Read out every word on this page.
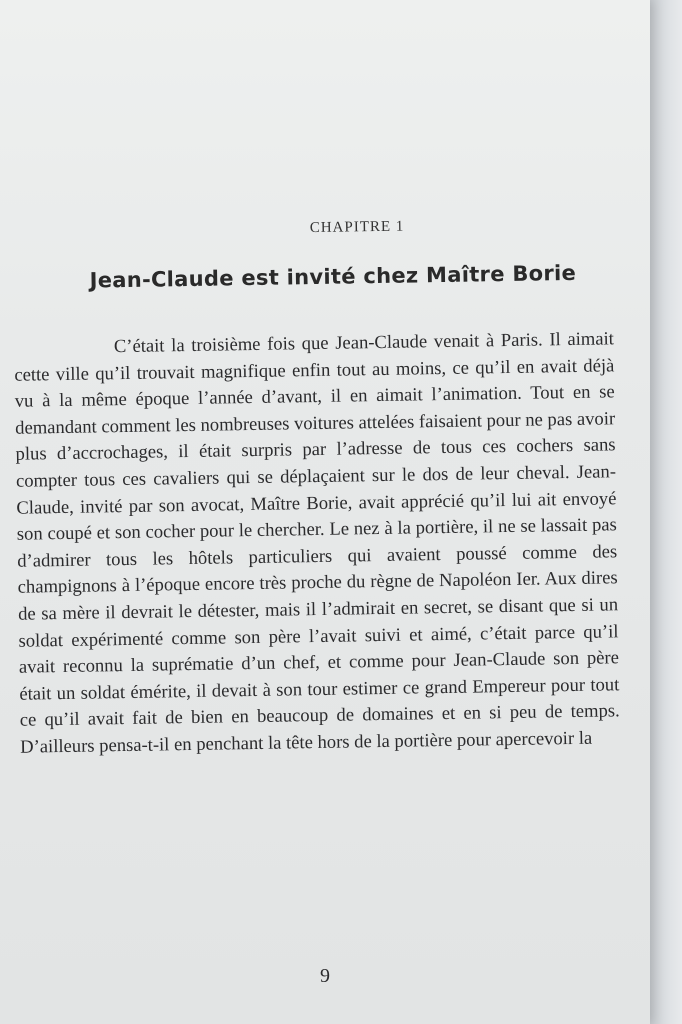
CHAPITRE 1
Jean-Claude est invité chez Maître Borie

C’était la troisième fois que Jean-Claude venait à Paris. Il aimait cette ville qu’il trouvait magnifique enfin tout au moins, ce qu’il en avait déjà vu à la même époque l’année d’avant, il en aimait l’animation. Tout en se demandant comment les nombreuses voitures attelées faisaient pour ne pas avoir plus d’accrochages, il était surpris par l’adresse de tous ces cochers sans compter tous ces cavaliers qui se déplaçaient sur le dos de leur cheval. Jean-Claude, invité par son avocat, Maître Borie, avait apprécié qu’il lui ait envoyé son coupé et son cocher pour le chercher. Le nez à la portière, il ne se lassait pas d’admirer tous les hôtels particuliers qui avaient poussé comme des champignons à l’époque encore très proche du règne de Napoléon Ier. Aux dires de sa mère il devrait le détester, mais il l’admirait en secret, se disant que si un soldat expérimenté comme son père l’avait suivi et aimé, c’était parce qu’il avait reconnu la suprématie d’un chef, et comme pour Jean-Claude son père était un soldat émérite, il devait à son tour estimer ce grand Empereur pour tout ce qu’il avait fait de bien en beaucoup de domaines et en si peu de temps. D’ailleurs pensa-t-il en penchant la tête hors de la portière pour apercevoir la

9
